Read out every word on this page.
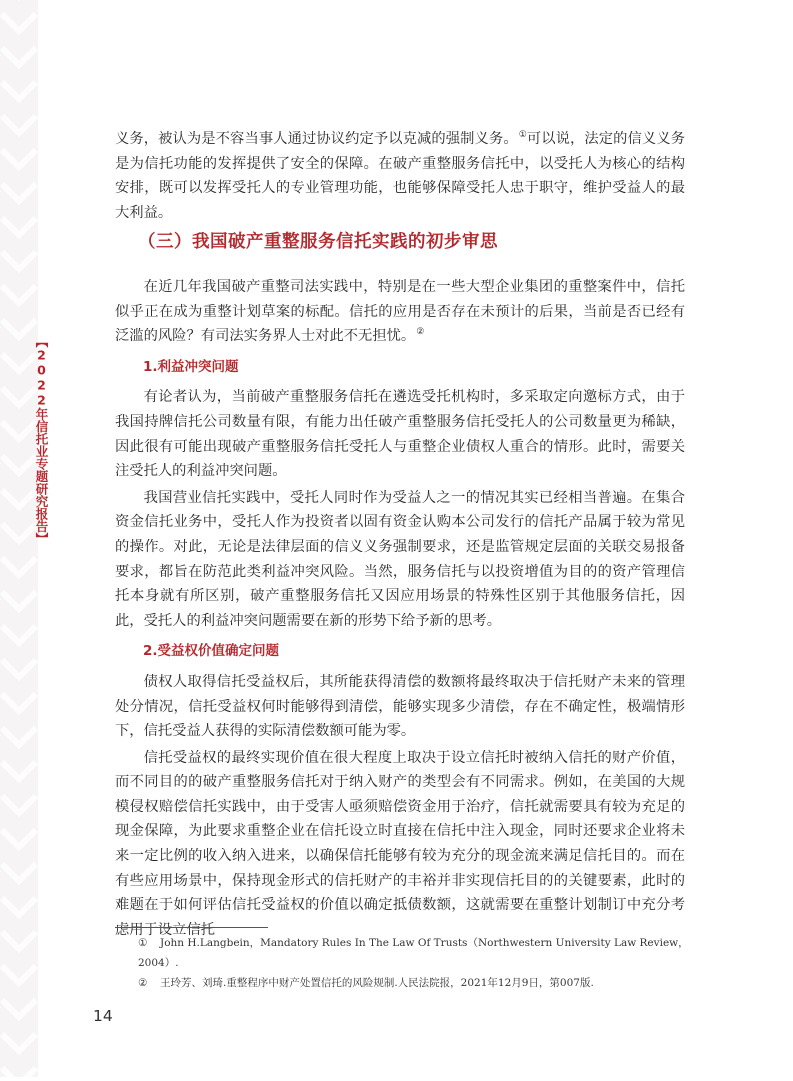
【2022年信托业专题研究报告】

义务，被认为是不容当事人通过协议约定予以克减的强制义务。①可以说，法定的信义义务是为信托功能的发挥提供了安全的保障。在破产重整服务信托中，以受托人为核心的结构安排，既可以发挥受托人的专业管理功能，也能够保障受托人忠于职守，维护受益人的最大利益。

（三）我国破产重整服务信托实践的初步审思

在近几年我国破产重整司法实践中，特别是在一些大型企业集团的重整案件中，信托似乎正在成为重整计划草案的标配。信托的应用是否存在未预计的后果，当前是否已经有泛滥的风险？有司法实务界人士对此不无担忧。②

1.利益冲突问题

有论者认为，当前破产重整服务信托在遴选受托机构时，多采取定向邀标方式，由于我国持牌信托公司数量有限，有能力出任破产重整服务信托受托人的公司数量更为稀缺，因此很有可能出现破产重整服务信托受托人与重整企业债权人重合的情形。此时，需要关注受托人的利益冲突问题。

我国营业信托实践中，受托人同时作为受益人之一的情况其实已经相当普遍。在集合资金信托业务中，受托人作为投资者以固有资金认购本公司发行的信托产品属于较为常见的操作。对此，无论是法律层面的信义义务强制要求，还是监管规定层面的关联交易报备要求，都旨在防范此类利益冲突风险。当然，服务信托与以投资增值为目的的资产管理信托本身就有所区别，破产重整服务信托又因应用场景的特殊性区别于其他服务信托，因此，受托人的利益冲突问题需要在新的形势下给予新的思考。

2.受益权价值确定问题

债权人取得信托受益权后，其所能获得清偿的数额将最终取决于信托财产未来的管理处分情况，信托受益权何时能够得到清偿，能够实现多少清偿，存在不确定性，极端情形下，信托受益人获得的实际清偿数额可能为零。

信托受益权的最终实现价值在很大程度上取决于设立信托时被纳入信托的财产价值，而不同目的的破产重整服务信托对于纳入财产的类型会有不同需求。例如，在美国的大规模侵权赔偿信托实践中，由于受害人亟须赔偿资金用于治疗，信托就需要具有较为充足的现金保障，为此要求重整企业在信托设立时直接在信托中注入现金，同时还要求企业将未来一定比例的收入纳入进来，以确保信托能够有较为充分的现金流来满足信托目的。而在有些应用场景中，保持现金形式的信托财产的丰裕并非实现信托目的的关键要素，此时的难题在于如何评估信托受益权的价值以确定抵债数额，这就需要在重整计划制订中充分考虑用于设立信托

① John H.Langbein，Mandatory Rules In The Law Of Trusts（Northwestern University Law Review，2004）.
② 王玲芳、刘琦.重整程序中财产处置信托的风险规制.人民法院报，2021年12月9日，第007版.
14
